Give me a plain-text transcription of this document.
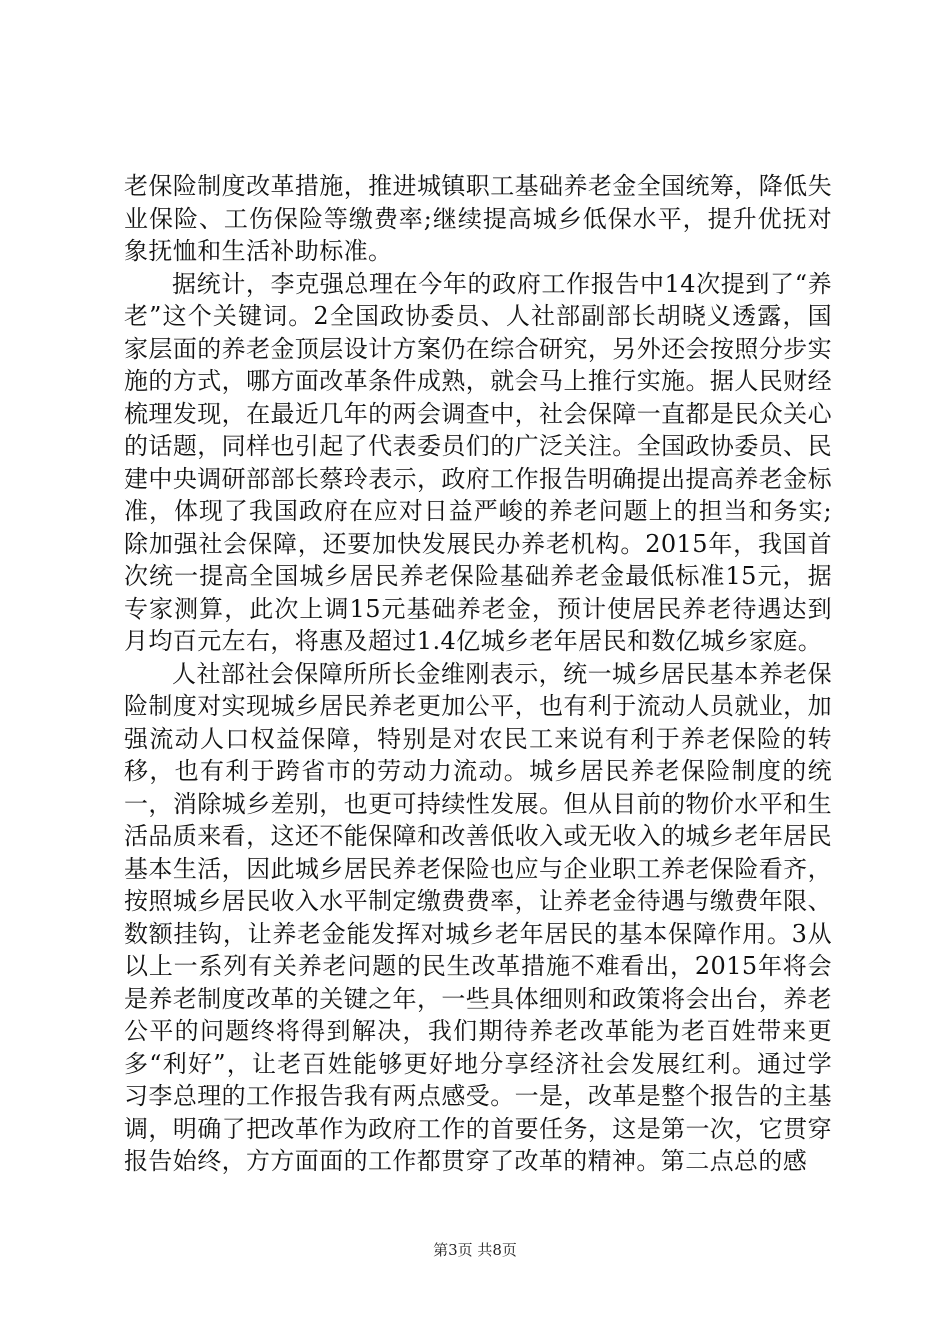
老保险制度改革措施，推进城镇职工基础养老金全国统筹，降低失业保险、工伤保险等缴费率;继续提高城乡低保水平，提升优抚对象抚恤和生活补助标准。

据统计，李克强总理在今年的政府工作报告中14次提到了“养老”这个关键词。2全国政协委员、人社部副部长胡晓义透露，国家层面的养老金顶层设计方案仍在综合研究，另外还会按照分步实施的方式，哪方面改革条件成熟，就会马上推行实施。据人民财经梳理发现，在最近几年的两会调查中，社会保障一直都是民众关心的话题，同样也引起了代表委员们的广泛关注。全国政协委员、民建中央调研部部长蔡玲表示，政府工作报告明确提出提高养老金标准，体现了我国政府在应对日益严峻的养老问题上的担当和务实;除加强社会保障，还要加快发展民办养老机构。2015年，我国首次统一提高全国城乡居民养老保险基础养老金最低标准15元，据专家测算，此次上调15元基础养老金，预计使居民养老待遇达到月均百元左右，将惠及超过1.4亿城乡老年居民和数亿城乡家庭。

人社部社会保障所所长金维刚表示，统一城乡居民基本养老保险制度对实现城乡居民养老更加公平，也有利于流动人员就业，加强流动人口权益保障，特别是对农民工来说有利于养老保险的转移，也有利于跨省市的劳动力流动。城乡居民养老保险制度的统一，消除城乡差别，也更可持续性发展。但从目前的物价水平和生活品质来看，这还不能保障和改善低收入或无收入的城乡老年居民基本生活，因此城乡居民养老保险也应与企业职工养老保险看齐，按照城乡居民收入水平制定缴费费率，让养老金待遇与缴费年限、数额挂钩，让养老金能发挥对城乡老年居民的基本保障作用。3从以上一系列有关养老问题的民生改革措施不难看出，2015年将会是养老制度改革的关键之年，一些具体细则和政策将会出台，养老公平的问题终将得到解决，我们期待养老改革能为老百姓带来更多“利好”，让老百姓能够更好地分享经济社会发展红利。通过学习李总理的工作报告我有两点感受。一是，改革是整个报告的主基调，明确了把改革作为政府工作的首要任务，这是第一次，它贯穿报告始终，方方面面的工作都贯穿了改革的精神。第二点总的感

第3页 共8页
